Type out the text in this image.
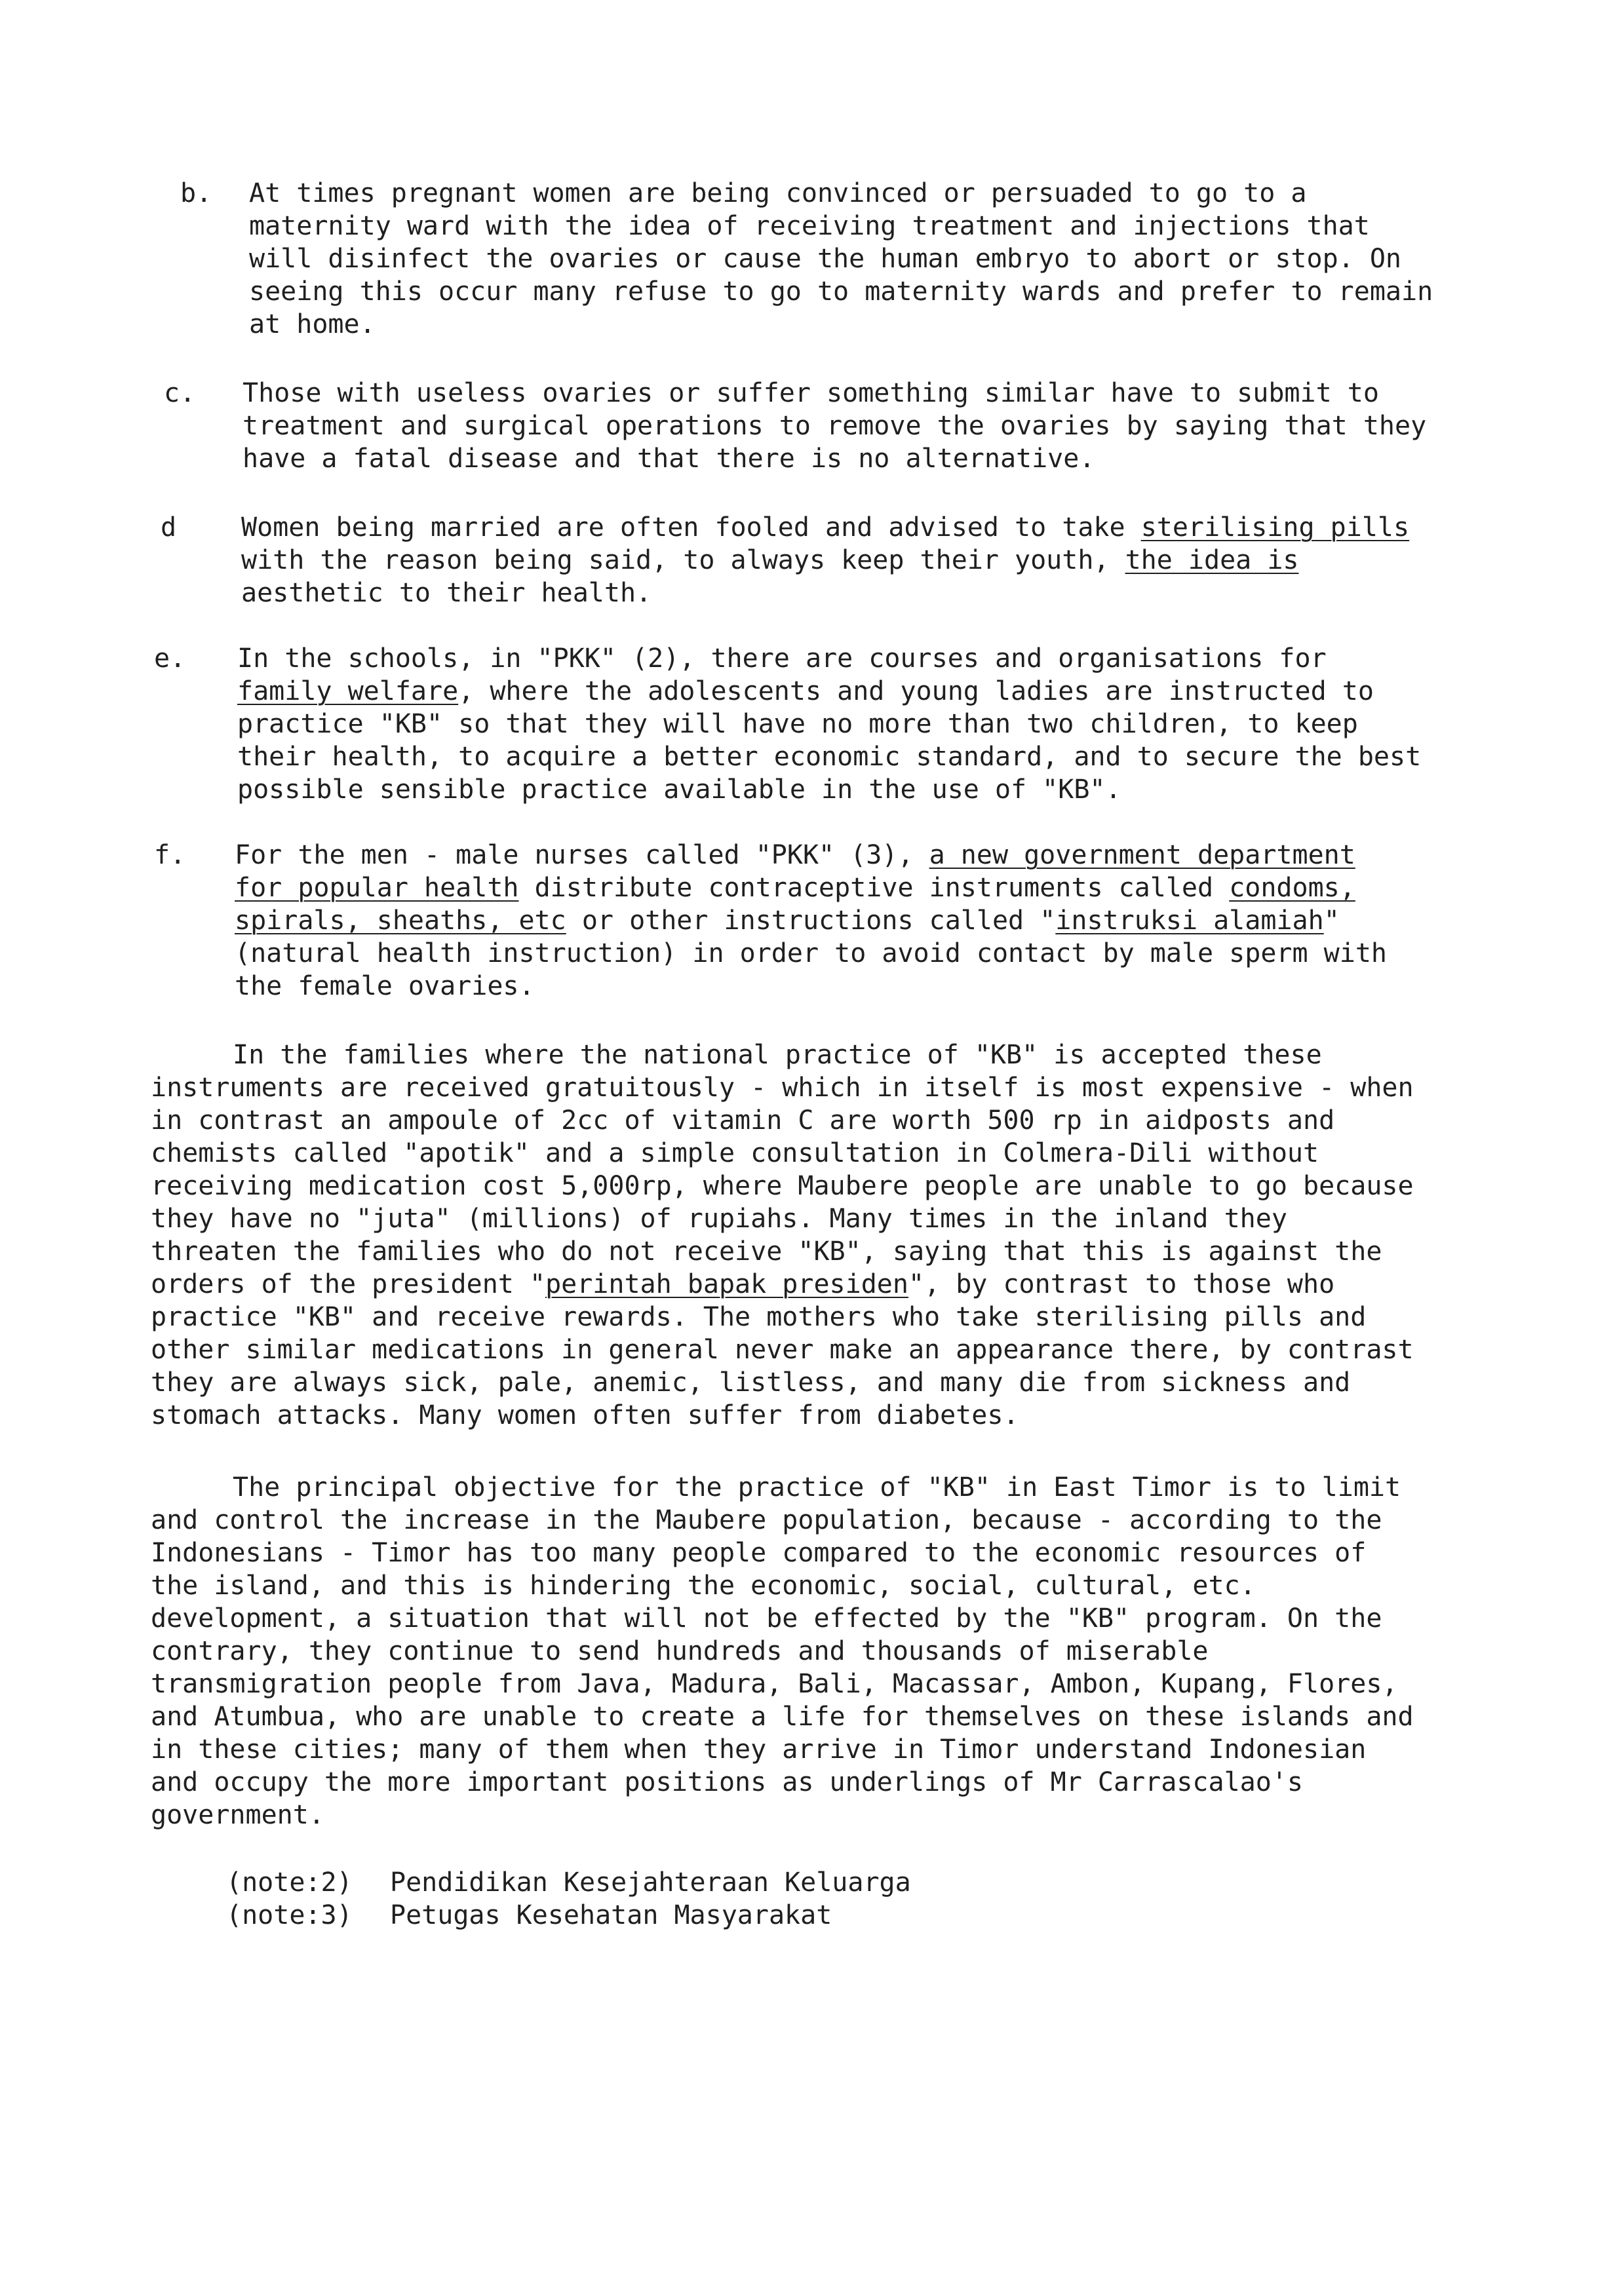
b. At times pregnant women are being convinced or persuaded to go to a
maternity ward with the idea of receiving treatment and injections that
will disinfect the ovaries or cause the human embryo to abort or stop. On
seeing this occur many refuse to go to maternity wards and prefer to remain
at home.
c. Those with useless ovaries or suffer something similar have to submit to
treatment and surgical operations to remove the ovaries by saying that they
have a fatal disease and that there is no alternative.
d Women being married are often fooled and advised to take sterilising pills
with the reason being said, to always keep their youth, the idea is
aesthetic to their health.
e. In the schools, in "PKK" (2), there are courses and organisations for
family welfare, where the adolescents and young ladies are instructed to
practice "KB" so that they will have no more than two children, to keep
their health, to acquire a better economic standard, and to secure the best
possible sensible practice available in the use of "KB".
f. For the men - male nurses called "PKK" (3), a new government department
for popular health distribute contraceptive instruments called condoms,
spirals, sheaths, etc or other instructions called "instruksi alamiah"
(natural health instruction) in order to avoid contact by male sperm with
the female ovaries.
In the families where the national practice of "KB" is accepted these
instruments are received gratuitously - which in itself is most expensive - when
in contrast an ampoule of 2cc of vitamin C are worth 500 rp in aidposts and
chemists called "apotik" and a simple consultation in Colmera-Dili without
receiving medication cost 5,000rp, where Maubere people are unable to go because
they have no "juta" (millions) of rupiahs. Many times in the inland they
threaten the families who do not receive "KB", saying that this is against the
orders of the president "perintah bapak presiden", by contrast to those who
practice "KB" and receive rewards. The mothers who take sterilising pills and
other similar medications in general never make an appearance there, by contrast
they are always sick, pale, anemic, listless, and many die from sickness and
stomach attacks. Many women often suffer from diabetes.
The principal objective for the practice of "KB" in East Timor is to limit
and control the increase in the Maubere population, because - according to the
Indonesians - Timor has too many people compared to the economic resources of
the island, and this is hindering the economic, social, cultural, etc.
development, a situation that will not be effected by the "KB" program. On the
contrary, they continue to send hundreds and thousands of miserable
transmigration people from Java, Madura, Bali, Macassar, Ambon, Kupang, Flores,
and Atumbua, who are unable to create a life for themselves on these islands and
in these cities; many of them when they arrive in Timor understand Indonesian
and occupy the more important positions as underlings of Mr Carrascalao's
government.
(note:2) Pendidikan Kesejahteraan Keluarga
(note:3) Petugas Kesehatan Masyarakat
